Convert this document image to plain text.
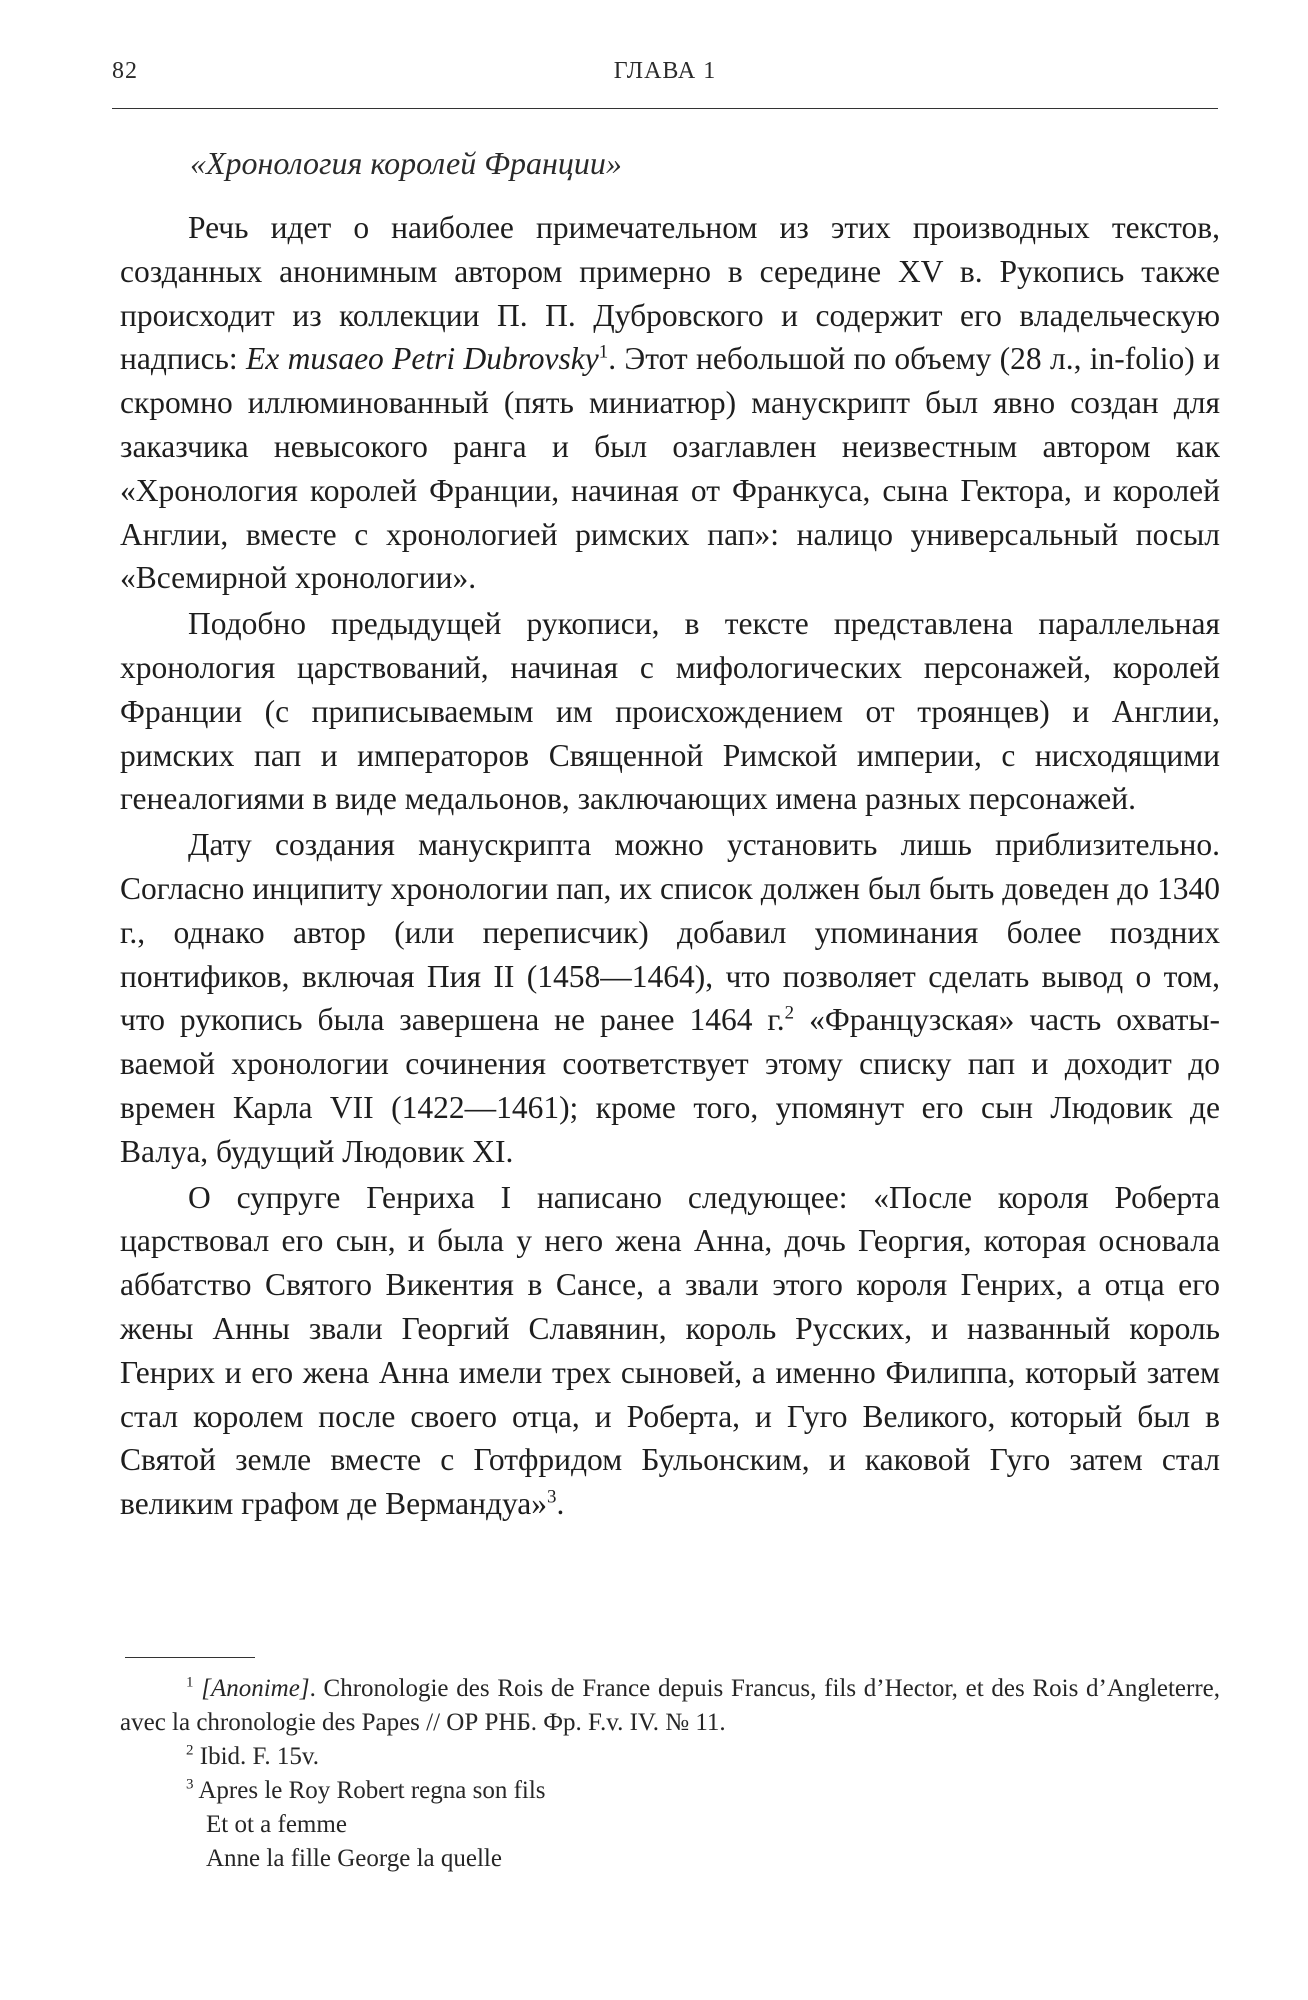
82	ГЛАВА 1
«Хронология королей Франции»

Речь идет о наиболее примечательном из этих производных текстов, созданных анонимным автором примерно в середине XV в. Рукопись также происходит из коллекции П. П. Дубровского и содержит его владельческую надпись: Ex musaeo Petri Dubrovsky$^1$. Этот небольшой по объему (28 л., in-folio) и скромно иллюминованный (пять миниатюр) манускрипт был явно создан для заказчика невысокого ранга и был озаглавлен неизвестным автором как «Хронология королей Франции, начиная от Франкуса, сына Гектора, и королей Англии, вместе с хронологией римских пап»: налицо универсальный посыл «Всемирной хронологии».

Подобно предыдущей рукописи, в тексте представлена параллельная хронология царствований, начиная с мифологических персонажей, королей Франции (с приписываемым им происхождением от троянцев) и Англии, римских пап и императоров Священной Римской империи, с нисходящими генеалогиями в виде медальонов, заключающих имена разных персонажей.

Дату создания манускрипта можно установить лишь приблизительно. Согласно инципиту хронологии пап, их список должен был быть доведен до 1340 г., однако автор (или переписчик) добавил упоминания более поздних понтификов, включая Пия II (1458—1464), что позволяет сделать вывод о том, что рукопись была завершена не ранее 1464 г.$^2$ «Французская» часть охватываемой хронологии сочинения соответствует этому списку пап и доходит до времен Карла VII (1422—1461); кроме того, упомянут его сын Людовик де Валуа, будущий Людовик XI.

О супруге Генриха I написано следующее: «После короля Роберта царствовал его сын, и была у него жена Анна, дочь Георгия, которая основала аббатство Святого Викентия в Сансе, а звали этого короля Генрих, а отца его жены Анны звали Георгий Славянин, король Русских, и названный король Генрих и его жена Анна имели трех сыновей, а именно Филиппа, который затем стал королем после своего отца, и Роберта, и Гуго Великого, который был в Святой земле вместе с Готфридом Бульонским, и каковой Гуго затем стал великим графом де Вермандуа»$^3$.

$^1$ [Anonime]. Chronologie des Rois de France depuis Francus, fils d’Hector, et des Rois d’Angleterre, avec la chronologie des Papes // ОР РНБ. Фр. F.v. IV. № 11.

$^2$ Ibid. F. 15v.

$^3$ Apres le Roy Robert regna son fils

Et ot a femme

Anne la fille George la quelle
